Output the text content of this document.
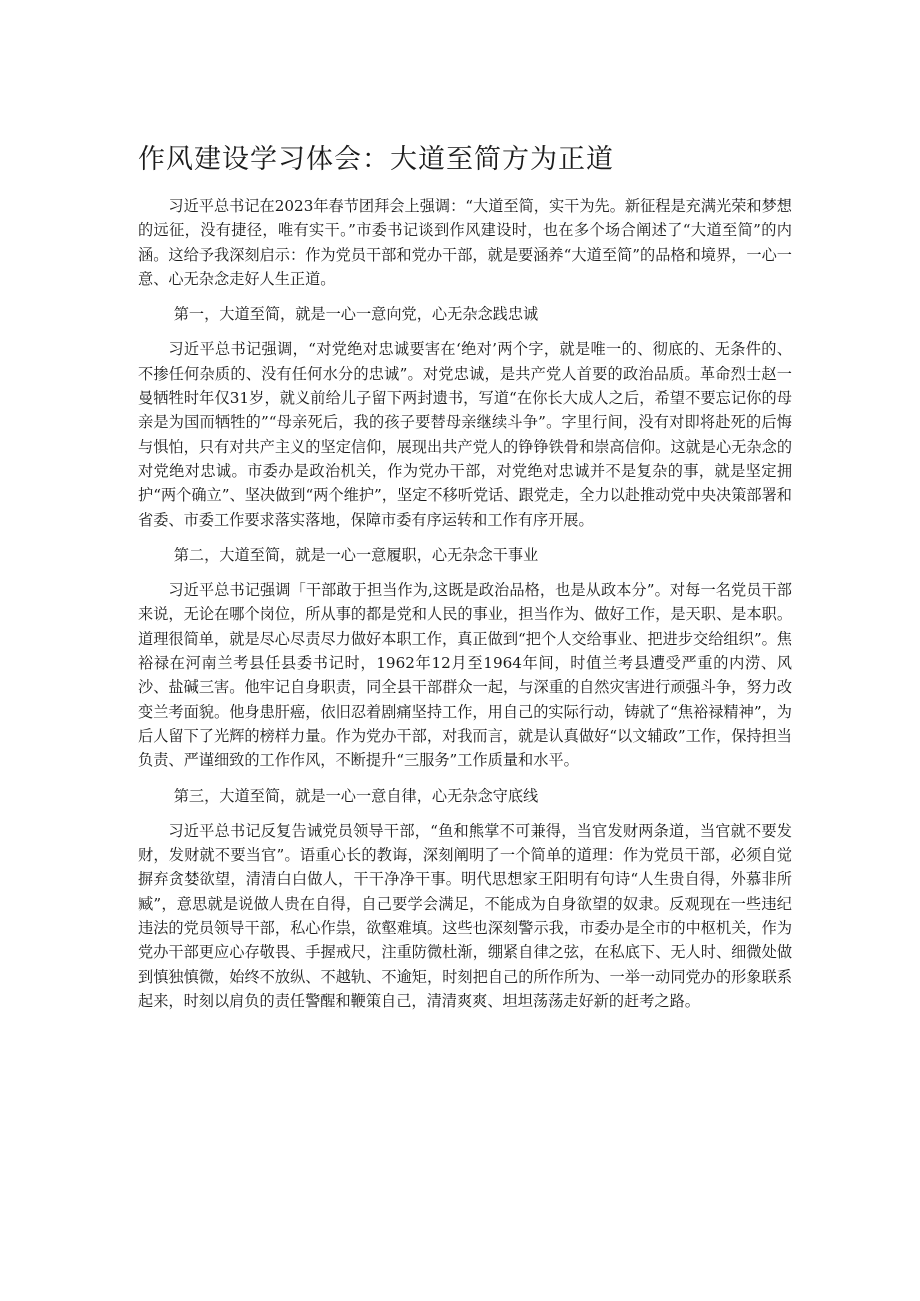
作风建设学习体会：大道至简方为正道

习近平总书记在2023年春节团拜会上强调：“大道至简，实干为先。新征程是充满光荣和梦想的远征，没有捷径，唯有实干。”市委书记谈到作风建设时，也在多个场合阐述了“大道至简”的内涵。这给予我深刻启示：作为党员干部和党办干部，就是要涵养“大道至简”的品格和境界，一心一意、心无杂念走好人生正道。

第一，大道至简，就是一心一意向党，心无杂念践忠诚

习近平总书记强调，“对党绝对忠诚要害在‘绝对’两个字，就是唯一的、彻底的、无条件的、不掺任何杂质的、没有任何水分的忠诚”。对党忠诚，是共产党人首要的政治品质。革命烈士赵一曼牺牲时年仅31岁，就义前给儿子留下两封遗书，写道“在你长大成人之后，希望不要忘记你的母亲是为国而牺牲的”“母亲死后，我的孩子要替母亲继续斗争”。字里行间，没有对即将赴死的后悔与惧怕，只有对共产主义的坚定信仰，展现出共产党人的铮铮铁骨和崇高信仰。这就是心无杂念的对党绝对忠诚。市委办是政治机关，作为党办干部，对党绝对忠诚并不是复杂的事，就是坚定拥护“两个确立”、坚决做到“两个维护”，坚定不移听党话、跟党走，全力以赴推动党中央决策部署和省委、市委工作要求落实落地，保障市委有序运转和工作有序开展。

第二，大道至简，就是一心一意履职，心无杂念干事业

习近平总书记强调「干部敢于担当作为,这既是政治品格，也是从政本分”。对每一名党员干部来说，无论在哪个岗位，所从事的都是党和人民的事业，担当作为、做好工作，是天职、是本职。道理很简单，就是尽心尽责尽力做好本职工作，真正做到“把个人交给事业、把进步交给组织”。焦裕禄在河南兰考县任县委书记时，1962年12月至1964年间，时值兰考县遭受严重的内涝、风沙、盐碱三害。他牢记自身职责，同全县干部群众一起，与深重的自然灾害进行顽强斗争，努力改变兰考面貌。他身患肝癌，依旧忍着剧痛坚持工作，用自己的实际行动，铸就了“焦裕禄精神”，为后人留下了光辉的榜样力量。作为党办干部，对我而言，就是认真做好“以文辅政”工作，保持担当负责、严谨细致的工作作风，不断提升“三服务”工作质量和水平。

第三，大道至简，就是一心一意自律，心无杂念守底线

习近平总书记反复告诫党员领导干部，“鱼和熊掌不可兼得，当官发财两条道，当官就不要发财，发财就不要当官”。语重心长的教诲，深刻阐明了一个简单的道理：作为党员干部，必须自觉摒弃贪婪欲望，清清白白做人，干干净净干事。明代思想家王阳明有句诗“人生贵自得，外慕非所臧”，意思就是说做人贵在自得，自己要学会满足，不能成为自身欲望的奴隶。反观现在一些违纪违法的党员领导干部，私心作祟，欲壑难填。这些也深刻警示我，市委办是全市的中枢机关，作为党办干部更应心存敬畏、手握戒尺，注重防微杜渐，绷紧自律之弦，在私底下、无人时、细微处做到慎独慎微，始终不放纵、不越轨、不逾矩，时刻把自己的所作所为、一举一动同党办的形象联系起来，时刻以肩负的责任警醒和鞭策自己，清清爽爽、坦坦荡荡走好新的赶考之路。
